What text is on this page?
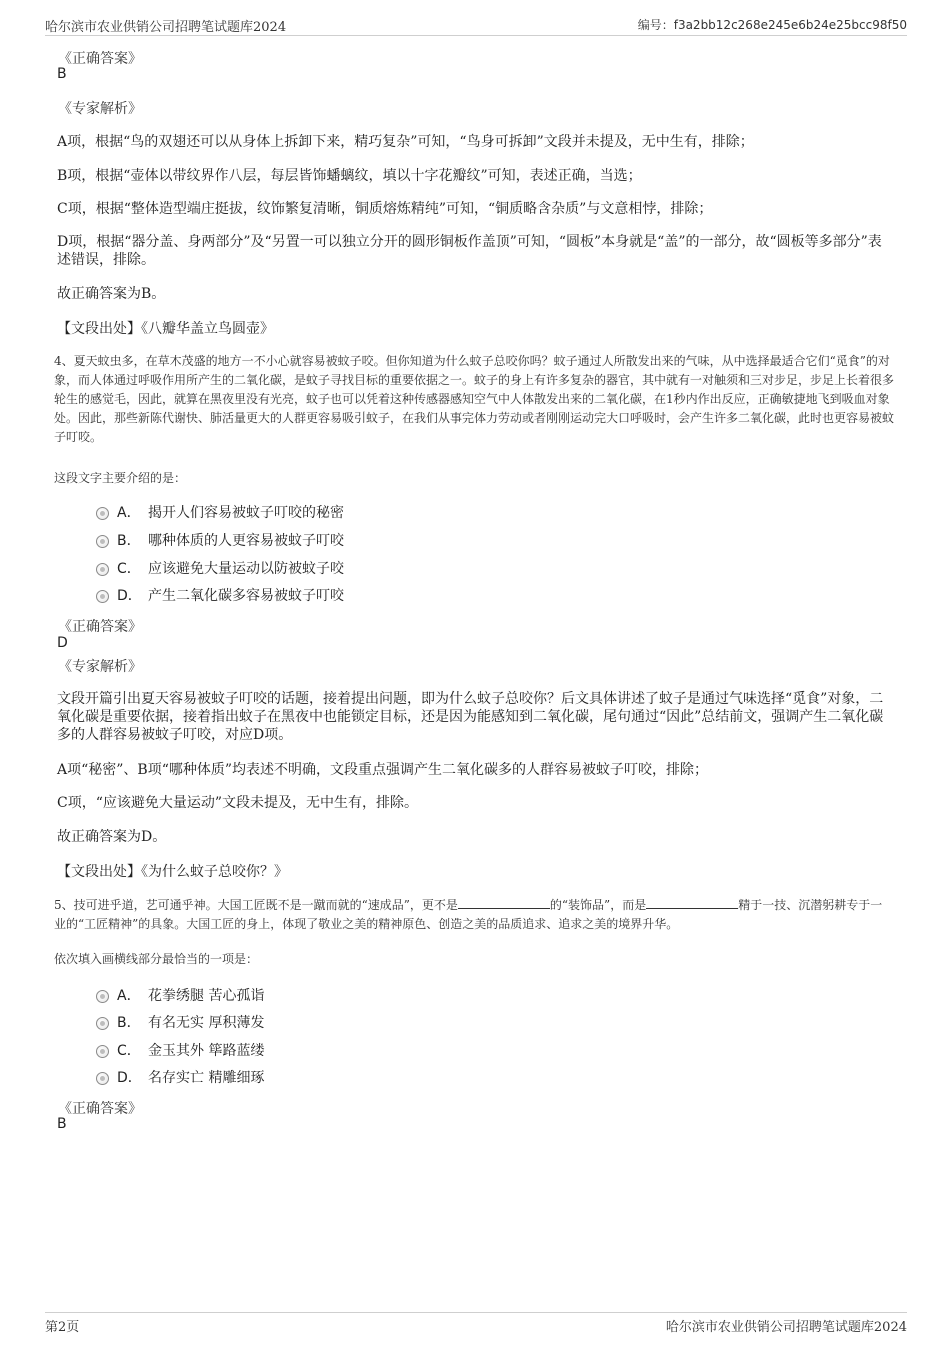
哈尔滨市农业供销公司招聘笔试题库2024	编号：f3a2bb12c268e245e6b24e25bcc98f50
《正确答案》
B
《专家解析》
A项，根据“鸟的双翅还可以从身体上拆卸下来，精巧复杂”可知，“鸟身可拆卸”文段并未提及，无中生有，排除；
B项，根据“壶体以带纹界作八层，每层皆饰蟠螭纹，填以十字花瓣纹”可知，表述正确，当选；
C项，根据“整体造型端庄挺拔，纹饰繁复清晰，铜质熔炼精纯”可知，“铜质略含杂质”与文意相悖，排除；
D项，根据“器分盖、身两部分”及“另置一可以独立分开的圆形铜板作盖顶”可知，“圆板”本身就是“盖”的一部分，故“圆板等多部分”表述错误，排除。
故正确答案为B。
【文段出处】《八瓣华盖立鸟圆壶》
4、夏天蚊虫多，在草木茂盛的地方一不小心就容易被蚊子咬。但你知道为什么蚊子总咬你吗？蚊子通过人所散发出来的气味，从中选择最适合它们“觅食”的对象，而人体通过呼吸作用所产生的二氧化碳，是蚊子寻找目标的重要依据之一。蚊子的身上有许多复杂的器官，其中就有一对触须和三对步足，步足上长着很多轮生的感觉毛，因此，就算在黑夜里没有光亮，蚊子也可以凭着这种传感器感知空气中人体散发出来的二氧化碳，在1秒内作出反应，正确敏捷地飞到吸血对象处。因此，那些新陈代谢快、肺活量更大的人群更容易吸引蚊子，在我们从事完体力劳动或者刚刚运动完大口呼吸时，会产生许多二氧化碳，此时也更容易被蚊子叮咬。
这段文字主要介绍的是：
A． 揭开人们容易被蚊子叮咬的秘密
B． 哪种体质的人更容易被蚊子叮咬
C． 应该避免大量运动以防被蚊子咬
D． 产生二氧化碳多容易被蚊子叮咬
《正确答案》
D
《专家解析》
文段开篇引出夏天容易被蚊子叮咬的话题，接着提出问题，即为什么蚊子总咬你？后文具体讲述了蚊子是通过气味选择“觅食”对象，二氧化碳是重要依据，接着指出蚊子在黑夜中也能锁定目标，还是因为能感知到二氧化碳，尾句通过“因此”总结前文，强调产生二氧化碳多的人群容易被蚊子叮咬，对应D项。
A项“秘密”、B项“哪种体质”均表述不明确，文段重点强调产生二氧化碳多的人群容易被蚊子叮咬，排除；
C项，“应该避免大量运动”文段未提及，无中生有，排除。
故正确答案为D。
【文段出处】《为什么蚊子总咬你？》
5、技可进乎道，艺可通乎神。大国工匠既不是一蹴而就的“速成品”，更不是	的“装饰品”，而是	精于一技、沉潜躬耕专于一业的“工匠精神”的具象。大国工匠的身上，体现了敬业之美的精神原色、创造之美的品质追求、追求之美的境界升华。
依次填入画横线部分最恰当的一项是：
A． 花拳绣腿 苦心孤诣
B． 有名无实 厚积薄发
C． 金玉其外 筚路蓝缕
D． 名存实亡 精雕细琢
《正确答案》
B
第2页	哈尔滨市农业供销公司招聘笔试题库2024
